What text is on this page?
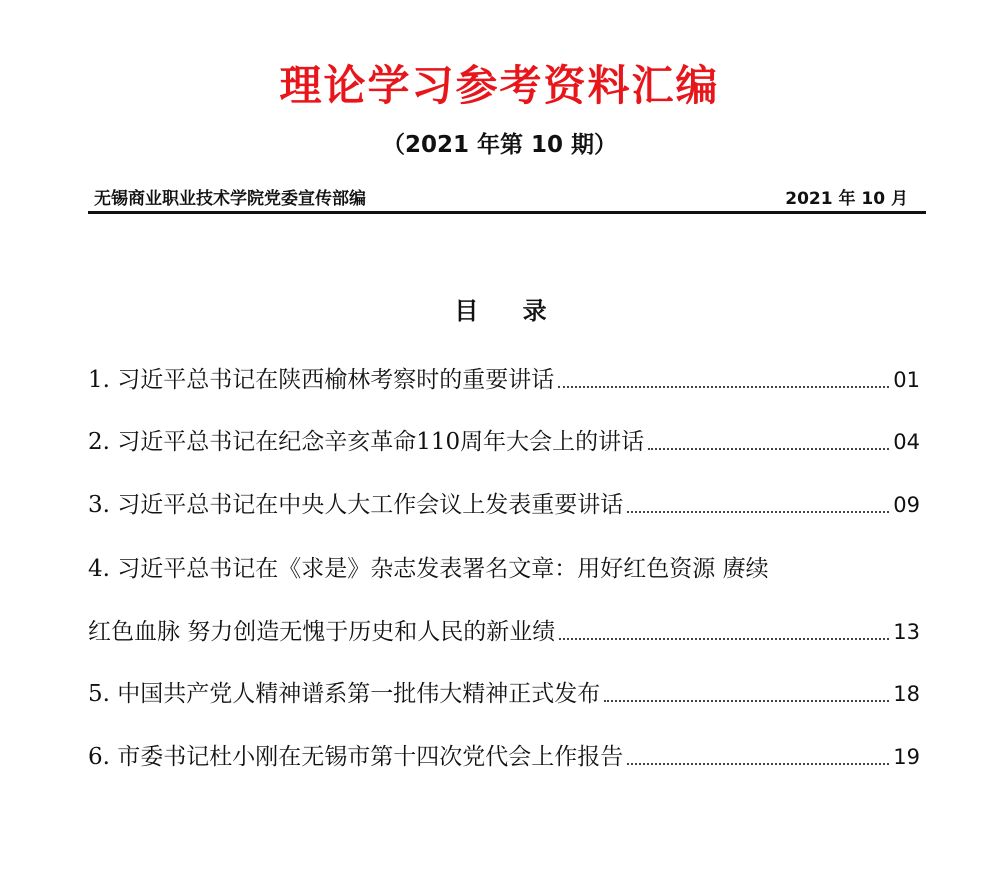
理论学习参考资料汇编
（2021 年第 10 期）
无锡商业职业技术学院党委宣传部编	2021 年 10 月
目 录
1. 习近平总书记在陕西榆林考察时的重要讲话	01
2. 习近平总书记在纪念辛亥革命110周年大会上的讲话	04
3. 习近平总书记在中央人大工作会议上发表重要讲话	09
4. 习近平总书记在《求是》杂志发表署名文章：用好红色资源 赓续
红色血脉 努力创造无愧于历史和人民的新业绩	13
5. 中国共产党人精神谱系第一批伟大精神正式发布	18
6. 市委书记杜小刚在无锡市第十四次党代会上作报告	19
